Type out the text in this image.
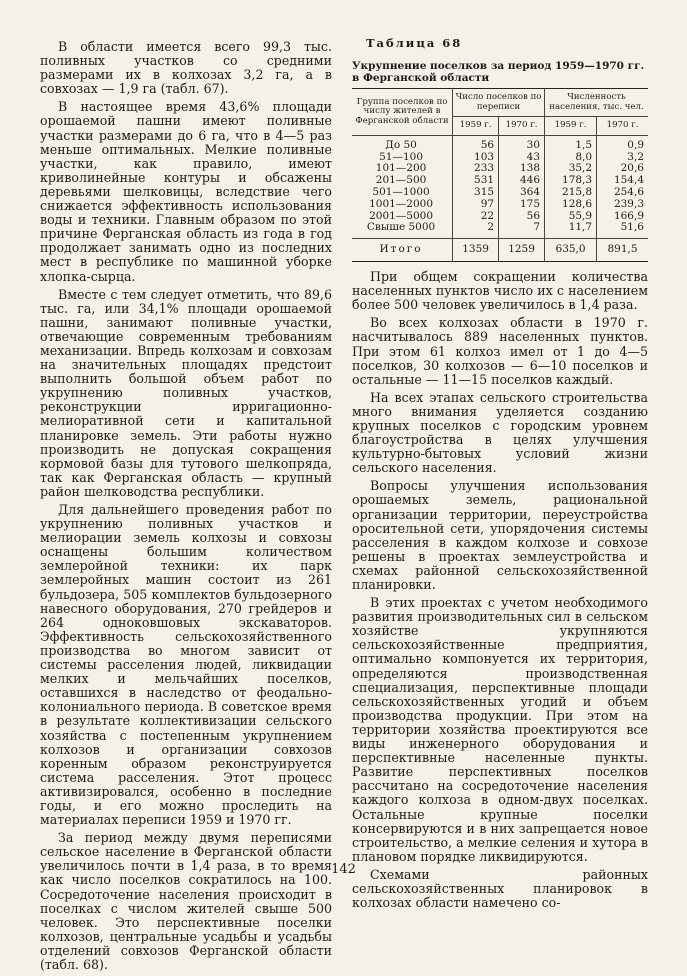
В области имеется всего 99,3 тыс. поливных участков со средними размерами их в колхозах 3,2 га, а в совхозах — 1,9 га (табл. 67).

В настоящее время 43,6% площади орошаемой пашни имеют поливные участки размерами до 6 га, что в 4—5 раз меньше оптимальных. Мелкие поливные участки, как правило, имеют криволинейные контуры и обсажены деревьями шелковицы, вследствие чего снижается эффективность использования воды и техники. Главным образом по этой причине Ферганская область из года в год продолжает занимать одно из последних мест в республике по машинной уборке хлопка-сырца.

Вместе с тем следует отметить, что 89,6 тыс. га, или 34,1% площади орошаемой пашни, занимают поливные участки, отвечающие современным требованиям механизации. Впредь колхозам и совхозам на значительных площадях предстоит выполнить большой объем работ по укрупнению поливных участков, реконструкции ирригационно-мелиоративной сети и капитальной планировке земель. Эти работы нужно производить не допуская сокращения кормовой базы для тутового шелкопряда, так как Ферганская область — крупный район шелководства республики.

Для дальнейшего проведения работ по укрупнению поливных участков и мелиорации земель колхозы и совхозы оснащены большим количеством землеройной техники: их парк землеройных машин состоит из 261 бульдозера, 505 комплектов бульдозерного навесного оборудования, 270 грейдеров и 264 одноковшовых экскаваторов. Эффективность сельскохозяйственного производства во многом зависит от системы расселения людей, ликвидации мелких и мельчайших поселков, оставшихся в наследство от феодально-колониального периода. В советское время в результате коллективизации сельского хозяйства с постепенным укрупнением колхозов и организации совхозов коренным образом реконструируется система расселения. Этот процесс активизировался, особенно в последние годы, и его можно проследить на материалах переписи 1959 и 1970 гг.

За период между двумя переписями сельское население в Ферганской области увеличилось почти в 1,4 раза, в то время как число поселков сократилось на 100. Сосредоточение населения происходит в поселках с числом жителей свыше 500 человек. Это перспективные поселки колхозов, центральные усадьбы и усадьбы отделений совхозов Ферганской области (табл. 68).

Таблица 68

Укрупнение поселков за период 1959—1970 гг. в Ферганской области

Группа поселков по числу жителей в Ферганской области	Число поселков по переписи		Численность населения, тыс. чел.	
	1959 г.	1970 г.	1959 г.	1970 г.
До 50	56	30	1,5	0,9
51—100	103	43	8,0	3,2
101—200	233	138	35,2	20,6
201—500	531	446	178,3	154,4
501—1000	315	364	215,8	254,6
1001—2000	97	175	128,6	239,3
2001—5000	22	56	55,9	166,9
Свыше 5000	2	7	11,7	51,6
Итого	1359	1259	635,0	891,5

При общем сокращении количества населенных пунктов число их с населением более 500 человек увеличилось в 1,4 раза.

Во всех колхозах области в 1970 г. насчитывалось 889 населенных пунктов. При этом 61 колхоз имел от 1 до 4—5 поселков, 30 колхозов — 6—10 поселков и остальные — 11—15 поселков каждый.

На всех этапах сельского строительства много внимания уделяется созданию крупных поселков с городским уровнем благоустройства в целях улучшения культурно-бытовых условий жизни сельского населения.

Вопросы улучшения использования орошаемых земель, рациональной организации территории, переустройства оросительной сети, упорядочения системы расселения в каждом колхозе и совхозе решены в проектах землеустройства и схемах районной сельскохозяйственной планировки.

В этих проектах с учетом необходимого развития производительных сил в сельском хозяйстве укрупняются сельскохозяйственные предприятия, оптимально компонуется их территория, определяются производственная специализация, перспективные площади сельскохозяйственных угодий и объем производства продукции. При этом на территории хозяйства проектируются все виды инженерного оборудования и перспективные населенные пункты. Развитие перспективных поселков рассчитано на сосредоточение населения каждого колхоза в одном-двух поселках. Остальные крупные поселки консервируются и в них запрещается новое строительство, а мелкие селения и хутора в плановом порядке ликвидируются.

Схемами районных сельскохозяйственных планировок в колхозах области намечено со-

142
